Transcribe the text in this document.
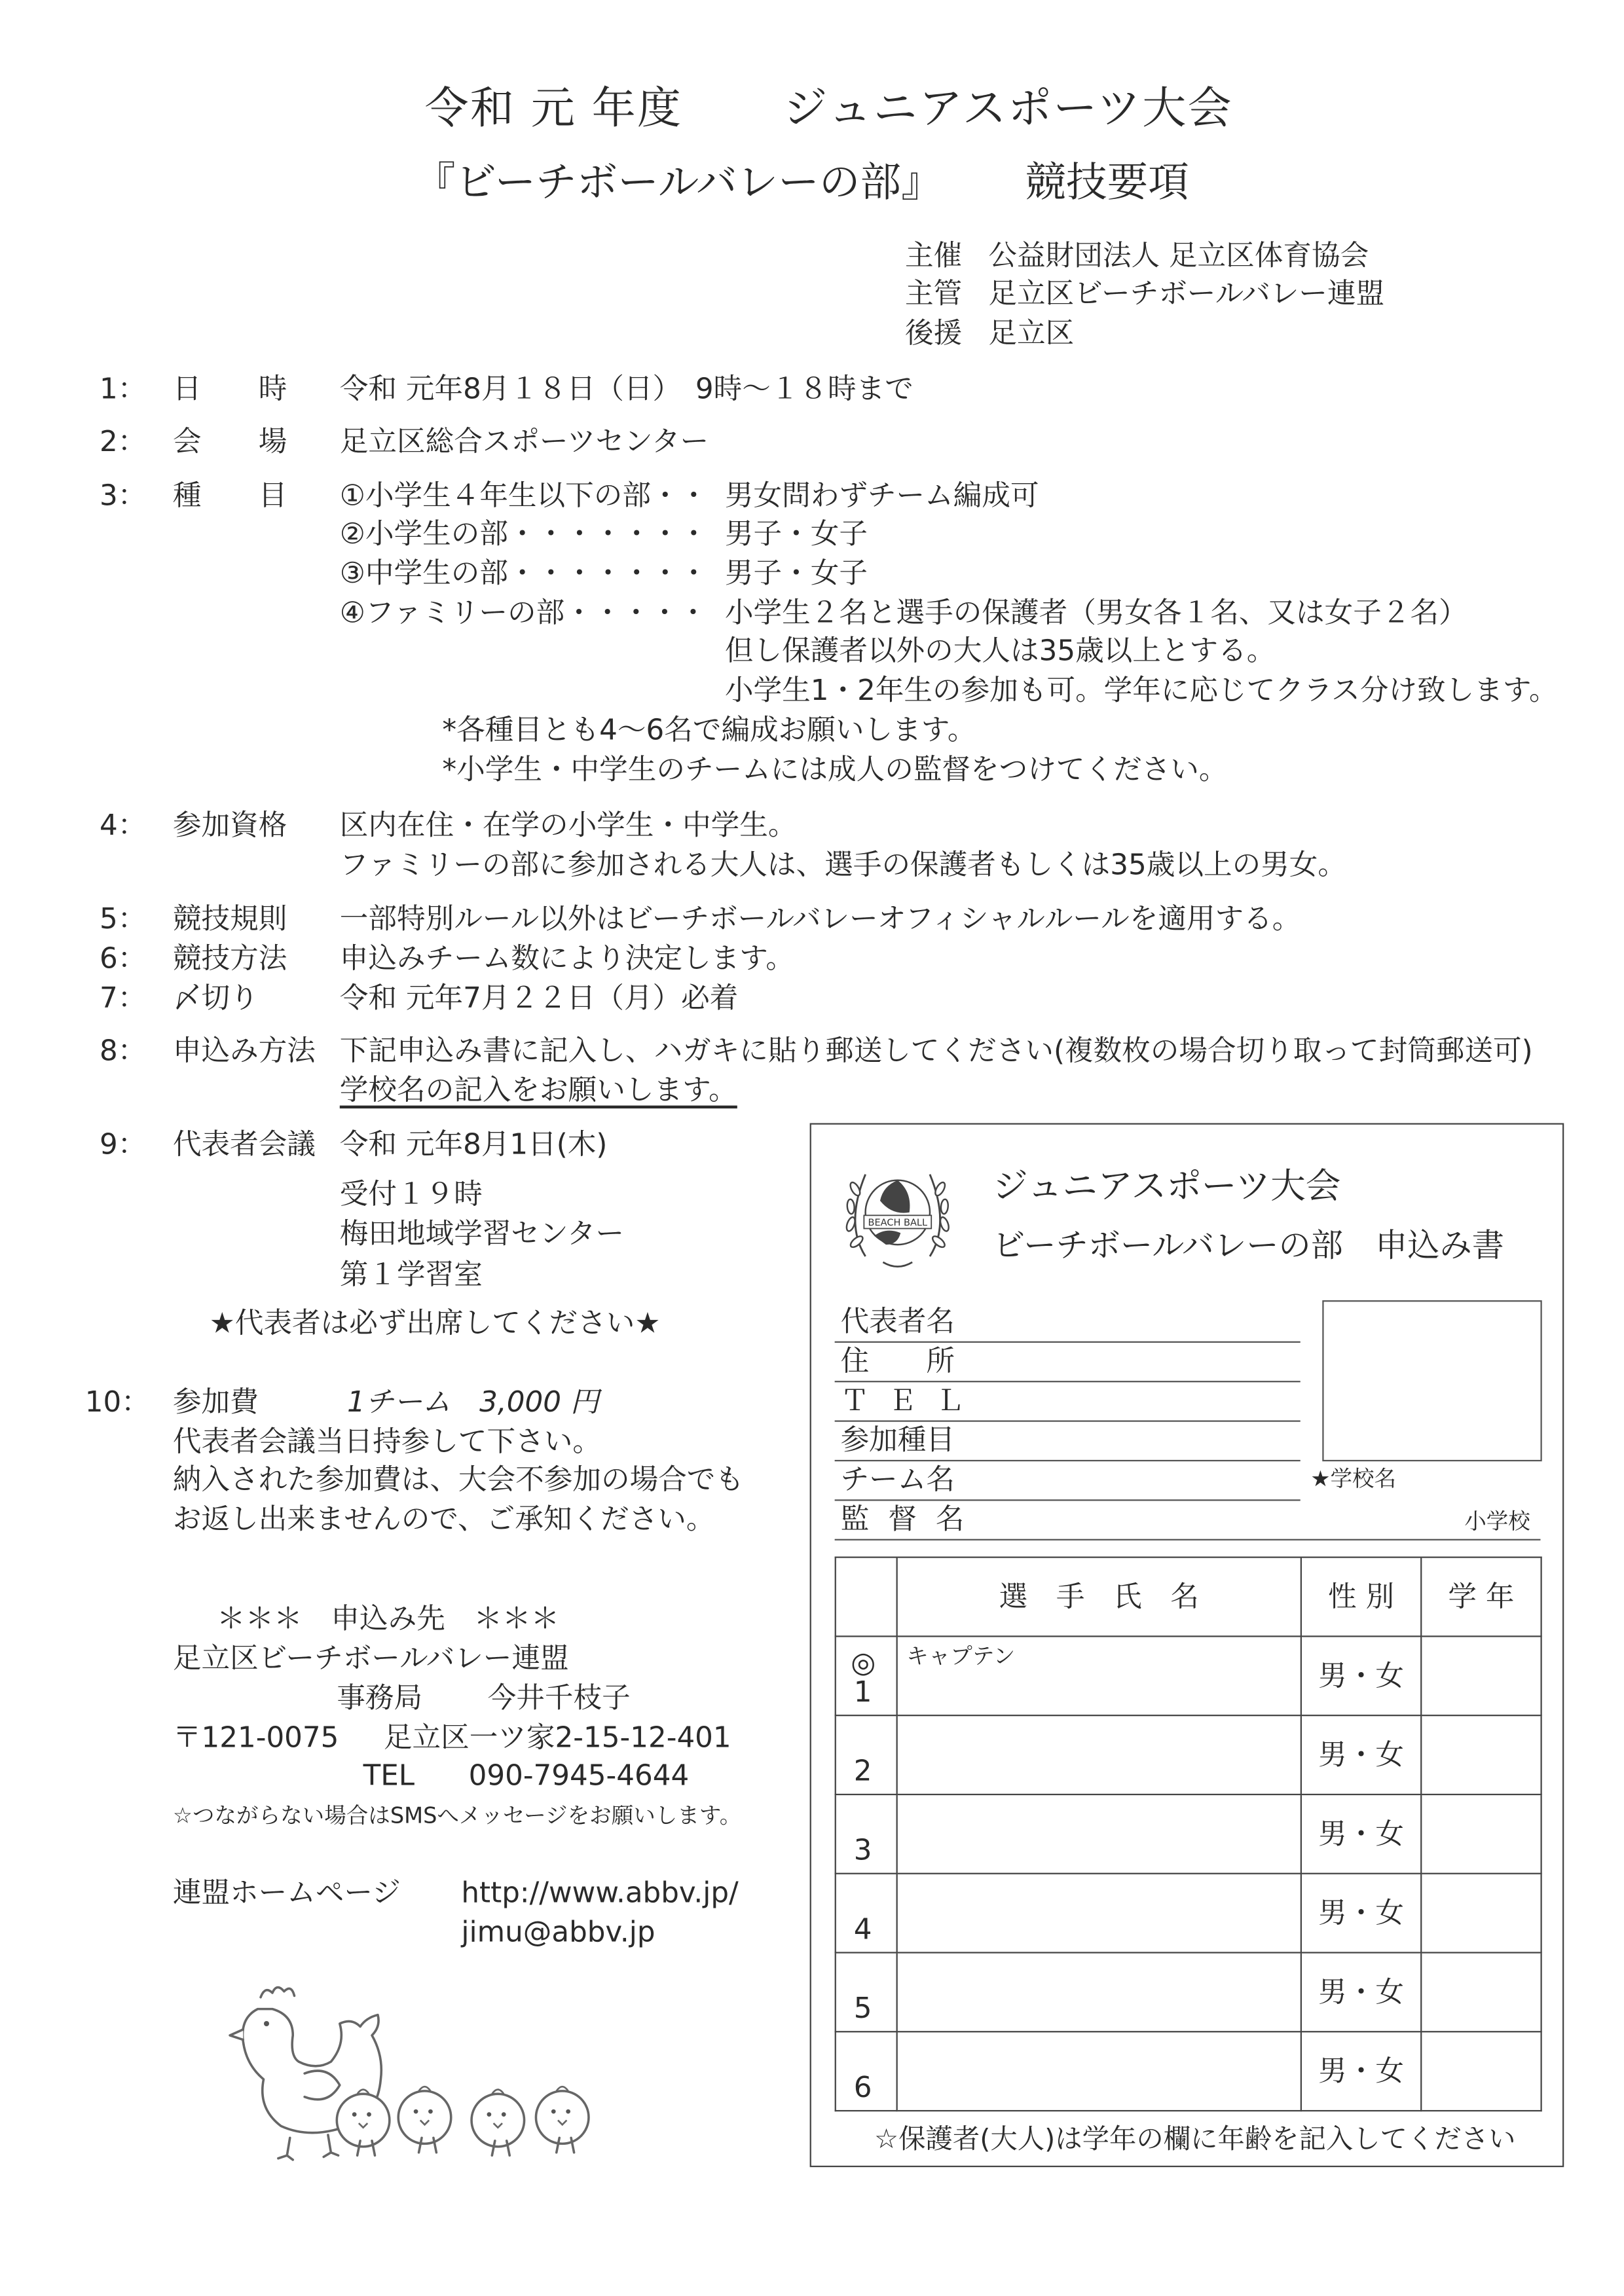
令和 元 年度	ジュニアスポーツ大会
『ビーチボールバレーの部』	競技要項
主催 公益財団法人 足立区体育協会
主管 足立区ビーチボールバレー連盟
後援 足立区
1： 日　　時	令和 元年8月１８日（日）　9時～１８時まで
2： 会　　場	足立区総合スポーツセンター
3： 種　　目	①小学生４年生以下の部・・ 男女問わずチーム編成可
②小学生の部・・・・・・・ 男子・女子
③中学生の部・・・・・・・ 男子・女子
④ファミリーの部・・・・・ 小学生２名と選手の保護者（男女各１名、又は女子２名）
但し保護者以外の大人は35歳以上とする。
小学生1・2年生の参加も可。学年に応じてクラス分け致します。
*各種目とも4～6名で編成お願いします。
*小学生・中学生のチームには成人の監督をつけてください。
4： 参加資格	区内在住・在学の小学生・中学生。
ファミリーの部に参加される大人は、選手の保護者もしくは35歳以上の男女。
5： 競技規則	一部特別ルール以外はビーチボールバレーオフィシャルルールを適用する。
6： 競技方法	申込みチーム数により決定します。
7： 〆切り	令和 元年7月２２日（月）必着
8： 申込み方法 下記申込み書に記入し、ハガキに貼り郵送してください(複数枚の場合切り取って封筒郵送可)
学校名の記入をお願いします。
9： 代表者会議 令和 元年8月1日(木)
受付１９時
梅田地域学習センター
第１学習室
★代表者は必ず出席してください★
10： 参加費	1チーム　3,000 円
代表者会議当日持参して下さい。
納入された参加費は、大会不参加の場合でも
お返し出来ませんので、ご承知ください。
＊＊＊　申込み先　＊＊＊
足立区ビーチボールバレー連盟
事務局	今井千枝子
〒121-0075	足立区一ツ家2-15-12-401
TEL	090-7945-4644
☆つながらない場合はSMSへメッセージをお願いします。
連盟ホームページ	http://www.abbv.jp/
jimu@abbv.jp
BEACH BALL
ジュニアスポーツ大会
ビーチボールバレーの部　申込み書
代表者名
住　　所
ＴＥＬ
参加種目
チーム名
監督名
★学校名
小学校
	選　手　氏　名	性 別	学 年

◎
1	キャプテン	男・女	

2		男・女	

3		男・女	

4		男・女	

5		男・女	

6		男・女	
☆保護者(大人)は学年の欄に年齢を記入してください
